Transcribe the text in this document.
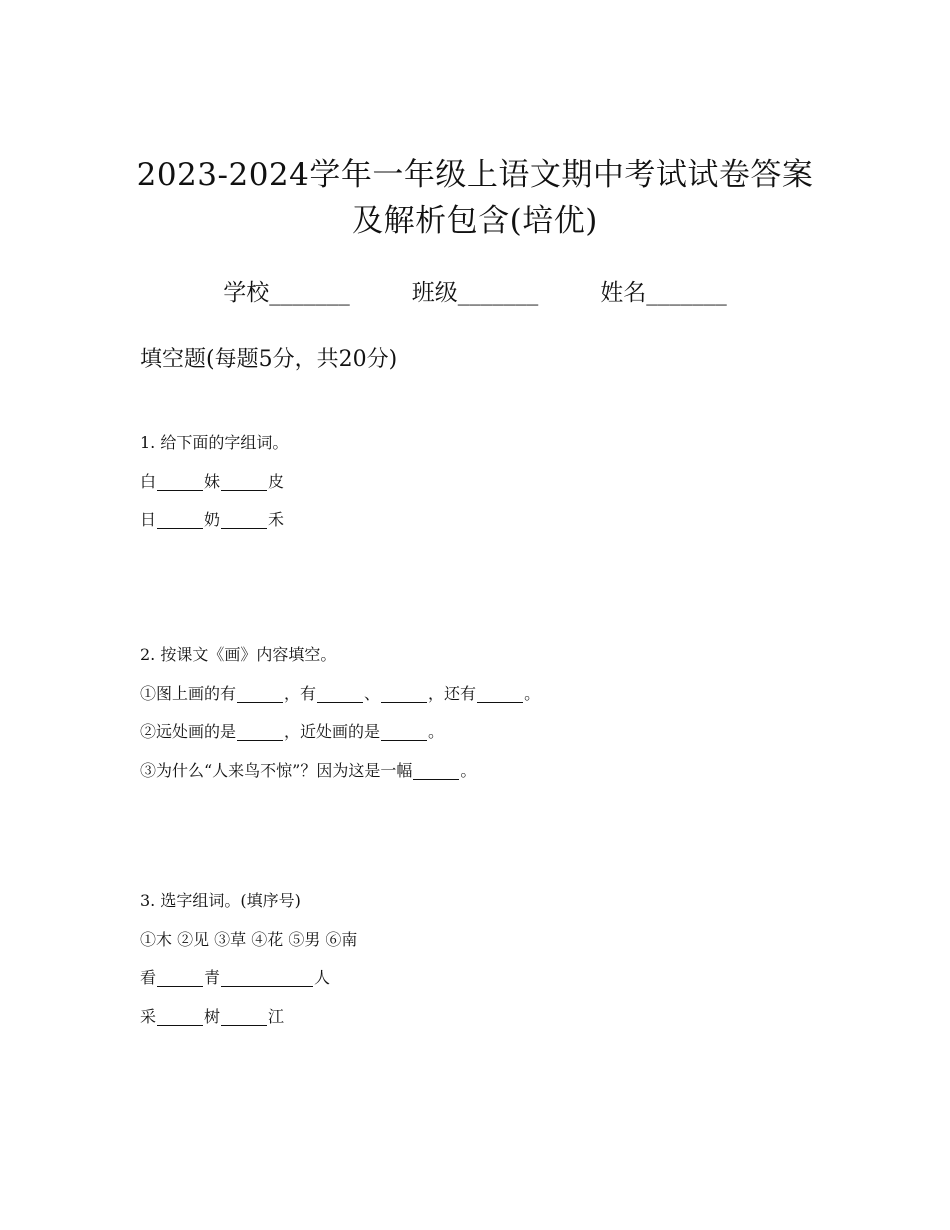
2023-2024学年一年级上语文期中考试试卷答案
及解析包含(培优)
学校_______	班级_______	姓名_______
填空题(每题5分，共20分)
1. 给下面的字组词。
白	妹	皮
日	奶	禾
2. 按课文《画》内容填空。
①图上画的有	，有	、	，还有	。
②远处画的是	，近处画的是	。
③为什么“人来鸟不惊”？因为这是一幅	。
3. 选字组词。(填序号)
①木 ②见 ③草 ④花 ⑤男 ⑥南
看	青	人
采	树	江
